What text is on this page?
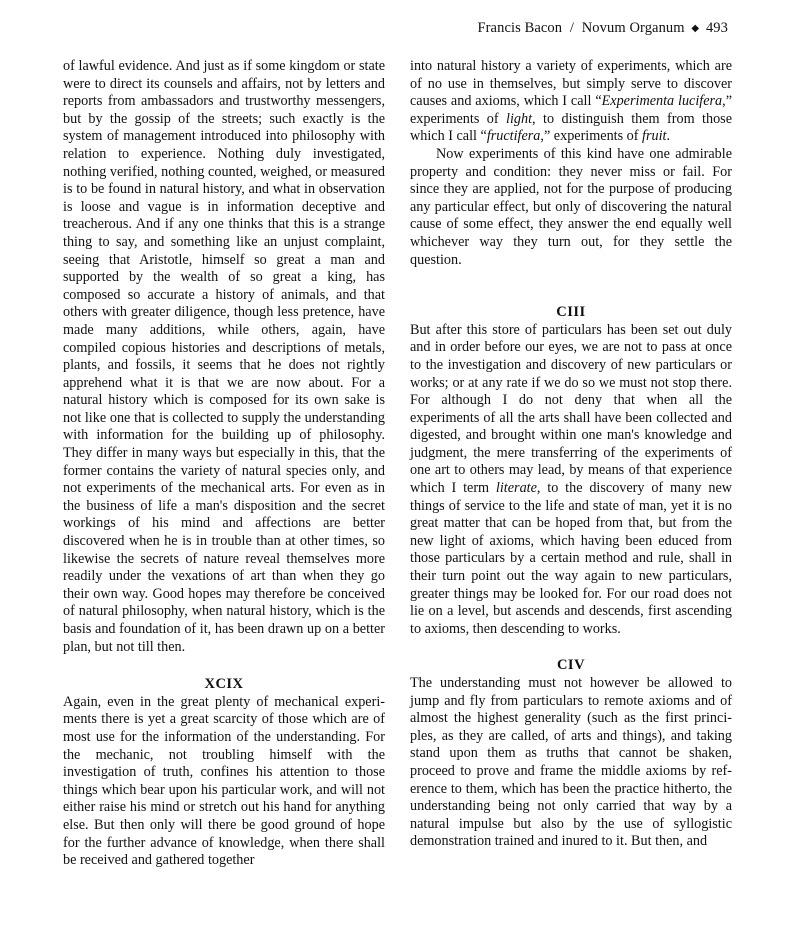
Francis Bacon / Novum Organum ◆ 493

of lawful evidence. And just as if some kingdom or state were to direct its counsels and affairs, not by letters and reports from ambassadors and trustworthy messengers, but by the gossip of the streets; such exactly is the system of management introduced into philosophy with relation to experience. Nothing duly investigated, nothing verified, nothing counted, weighed, or measured is to be found in natural history, and what in observation is loose and vague is in information deceptive and treacherous. And if any one thinks that this is a strange thing to say, and something like an unjust complaint, seeing that Aristotle, himself so great a man and supported by the wealth of so great a king, has composed so accurate a history of animals, and that others with greater diligence, though less pretence, have made many additions, while others, again, have compiled copious histories and descriptions of metals, plants, and fossils, it seems that he does not rightly apprehend what it is that we are now about. For a natural history which is composed for its own sake is not like one that is collected to supply the understanding with information for the building up of philosophy. They differ in many ways but especially in this, that the former contains the variety of natural species only, and not experiments of the mechanical arts. For even as in the business of life a man's disposition and the secret workings of his mind and affections are better discovered when he is in trouble than at other times, so likewise the secrets of nature reveal themselves more readily under the vexations of art than when they go their own way. Good hopes may therefore be conceived of natural philosophy, when natural history, which is the basis and foundation of it, has been drawn up on a better plan, but not till then.

XCIX

Again, even in the great plenty of mechanical experiments there is yet a great scarcity of those which are of most use for the information of the understanding. For the mechanic, not troubling himself with the investigation of truth, confines his attention to those things which bear upon his particular work, and will not either raise his mind or stretch out his hand for anything else. But then only will there be good ground of hope for the further advance of knowledge, when there shall be received and gathered together

into natural history a variety of experiments, which are of no use in themselves, but simply serve to discover causes and axioms, which I call “Experimenta lucifera,” experiments of light, to distinguish them from those which I call “fructifera,” experiments of fruit.

Now experiments of this kind have one admirable property and condition: they never miss or fail. For since they are applied, not for the purpose of producing any particular effect, but only of discovering the natural cause of some effect, they answer the end equally well whichever way they turn out, for they settle the question.

CIII

But after this store of particulars has been set out duly and in order before our eyes, we are not to pass at once to the investigation and discovery of new particulars or works; or at any rate if we do so we must not stop there. For although I do not deny that when all the experiments of all the arts shall have been collected and digested, and brought within one man's knowledge and judgment, the mere transferring of the experiments of one art to others may lead, by means of that experience which I term literate, to the discovery of many new things of service to the life and state of man, yet it is no great matter that can be hoped from that, but from the new light of axioms, which having been educed from those particulars by a certain method and rule, shall in their turn point out the way again to new particulars, greater things may be looked for. For our road does not lie on a level, but ascends and descends, first ascending to axioms, then descending to works.

CIV

The understanding must not however be allowed to jump and fly from particulars to remote axioms and of almost the highest generality (such as the first principles, as they are called, of arts and things), and taking stand upon them as truths that cannot be shaken, proceed to prove and frame the middle axioms by reference to them, which has been the practice hitherto, the understanding being not only carried that way by a natural impulse but also by the use of syllogistic demonstration trained and inured to it. But then, and
